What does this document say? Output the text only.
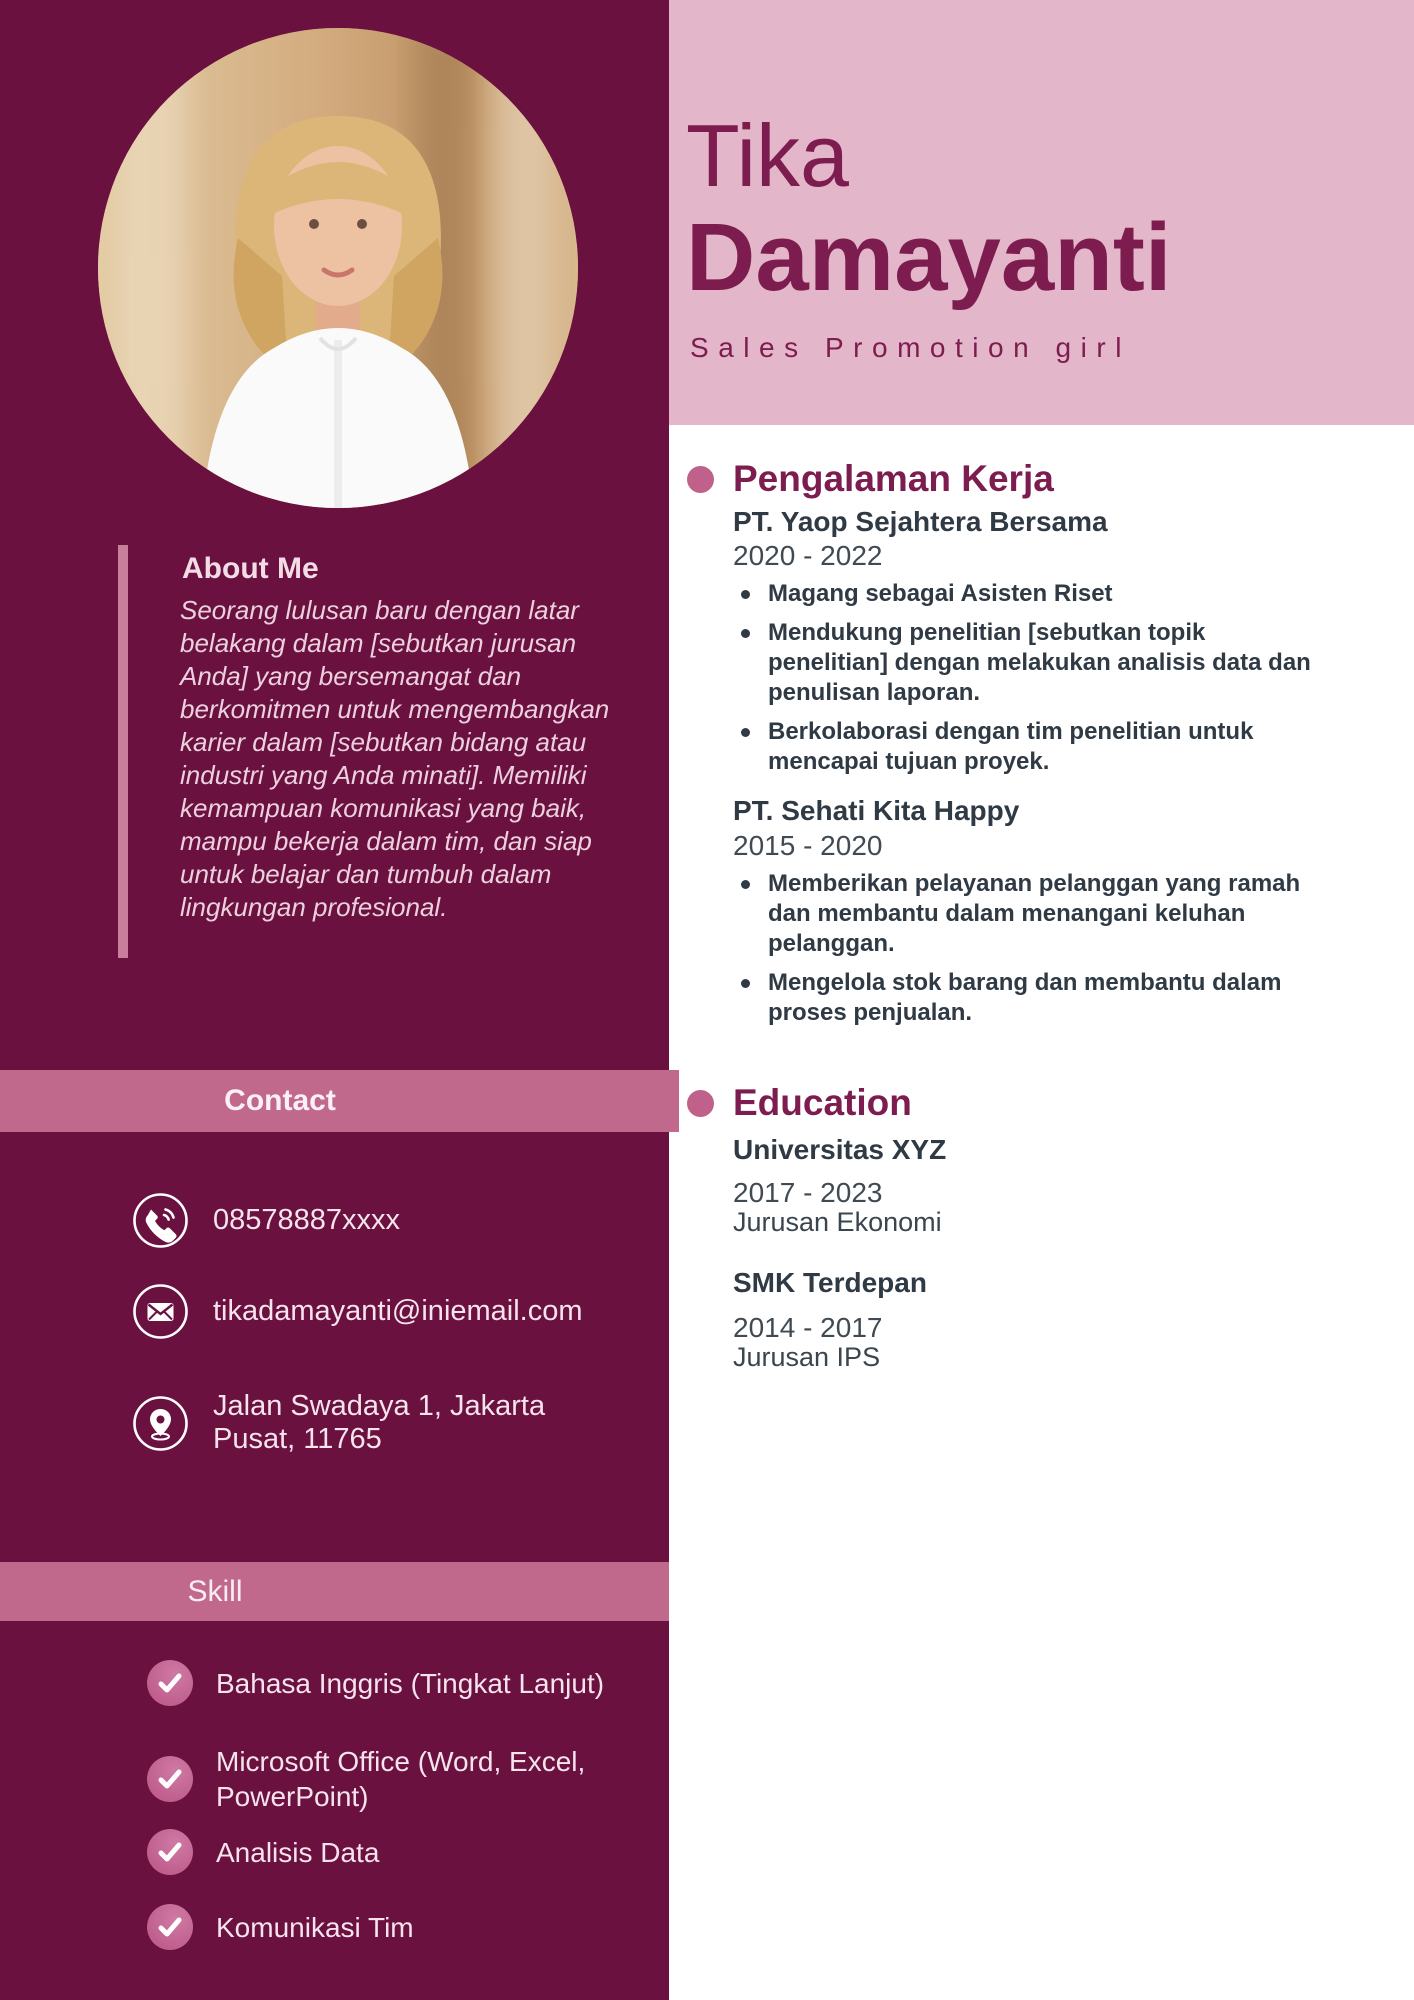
Tika
Damayanti
Sales Promotion girl
About Me
Seorang lulusan baru dengan latar belakang dalam [sebutkan jurusan Anda] yang bersemangat dan berkomitmen untuk mengembangkan karier dalam [sebutkan bidang atau industri yang Anda minati]. Memiliki kemampuan komunikasi yang baik, mampu bekerja dalam tim, dan siap untuk belajar dan tumbuh dalam lingkungan profesional.
Contact
08578887xxxx
tikadamayanti@iniemail.com
Jalan Swadaya 1, Jakarta Pusat, 11765
Skill
Bahasa Inggris (Tingkat Lanjut)
Microsoft Office (Word, Excel, PowerPoint)
Analisis Data
Komunikasi Tim
Pengalaman Kerja
PT. Yaop Sejahtera Bersama
2020 - 2022
Magang sebagai Asisten Riset
Mendukung penelitian [sebutkan topik penelitian] dengan melakukan analisis data dan penulisan laporan.
Berkolaborasi dengan tim penelitian untuk mencapai tujuan proyek.
PT. Sehati Kita Happy
2015 - 2020
Memberikan pelayanan pelanggan yang ramah dan membantu dalam menangani keluhan pelanggan.
Mengelola stok barang dan membantu dalam proses penjualan.
Education
Universitas XYZ
2017 - 2023
Jurusan Ekonomi
SMK Terdepan
2014 - 2017
Jurusan IPS
